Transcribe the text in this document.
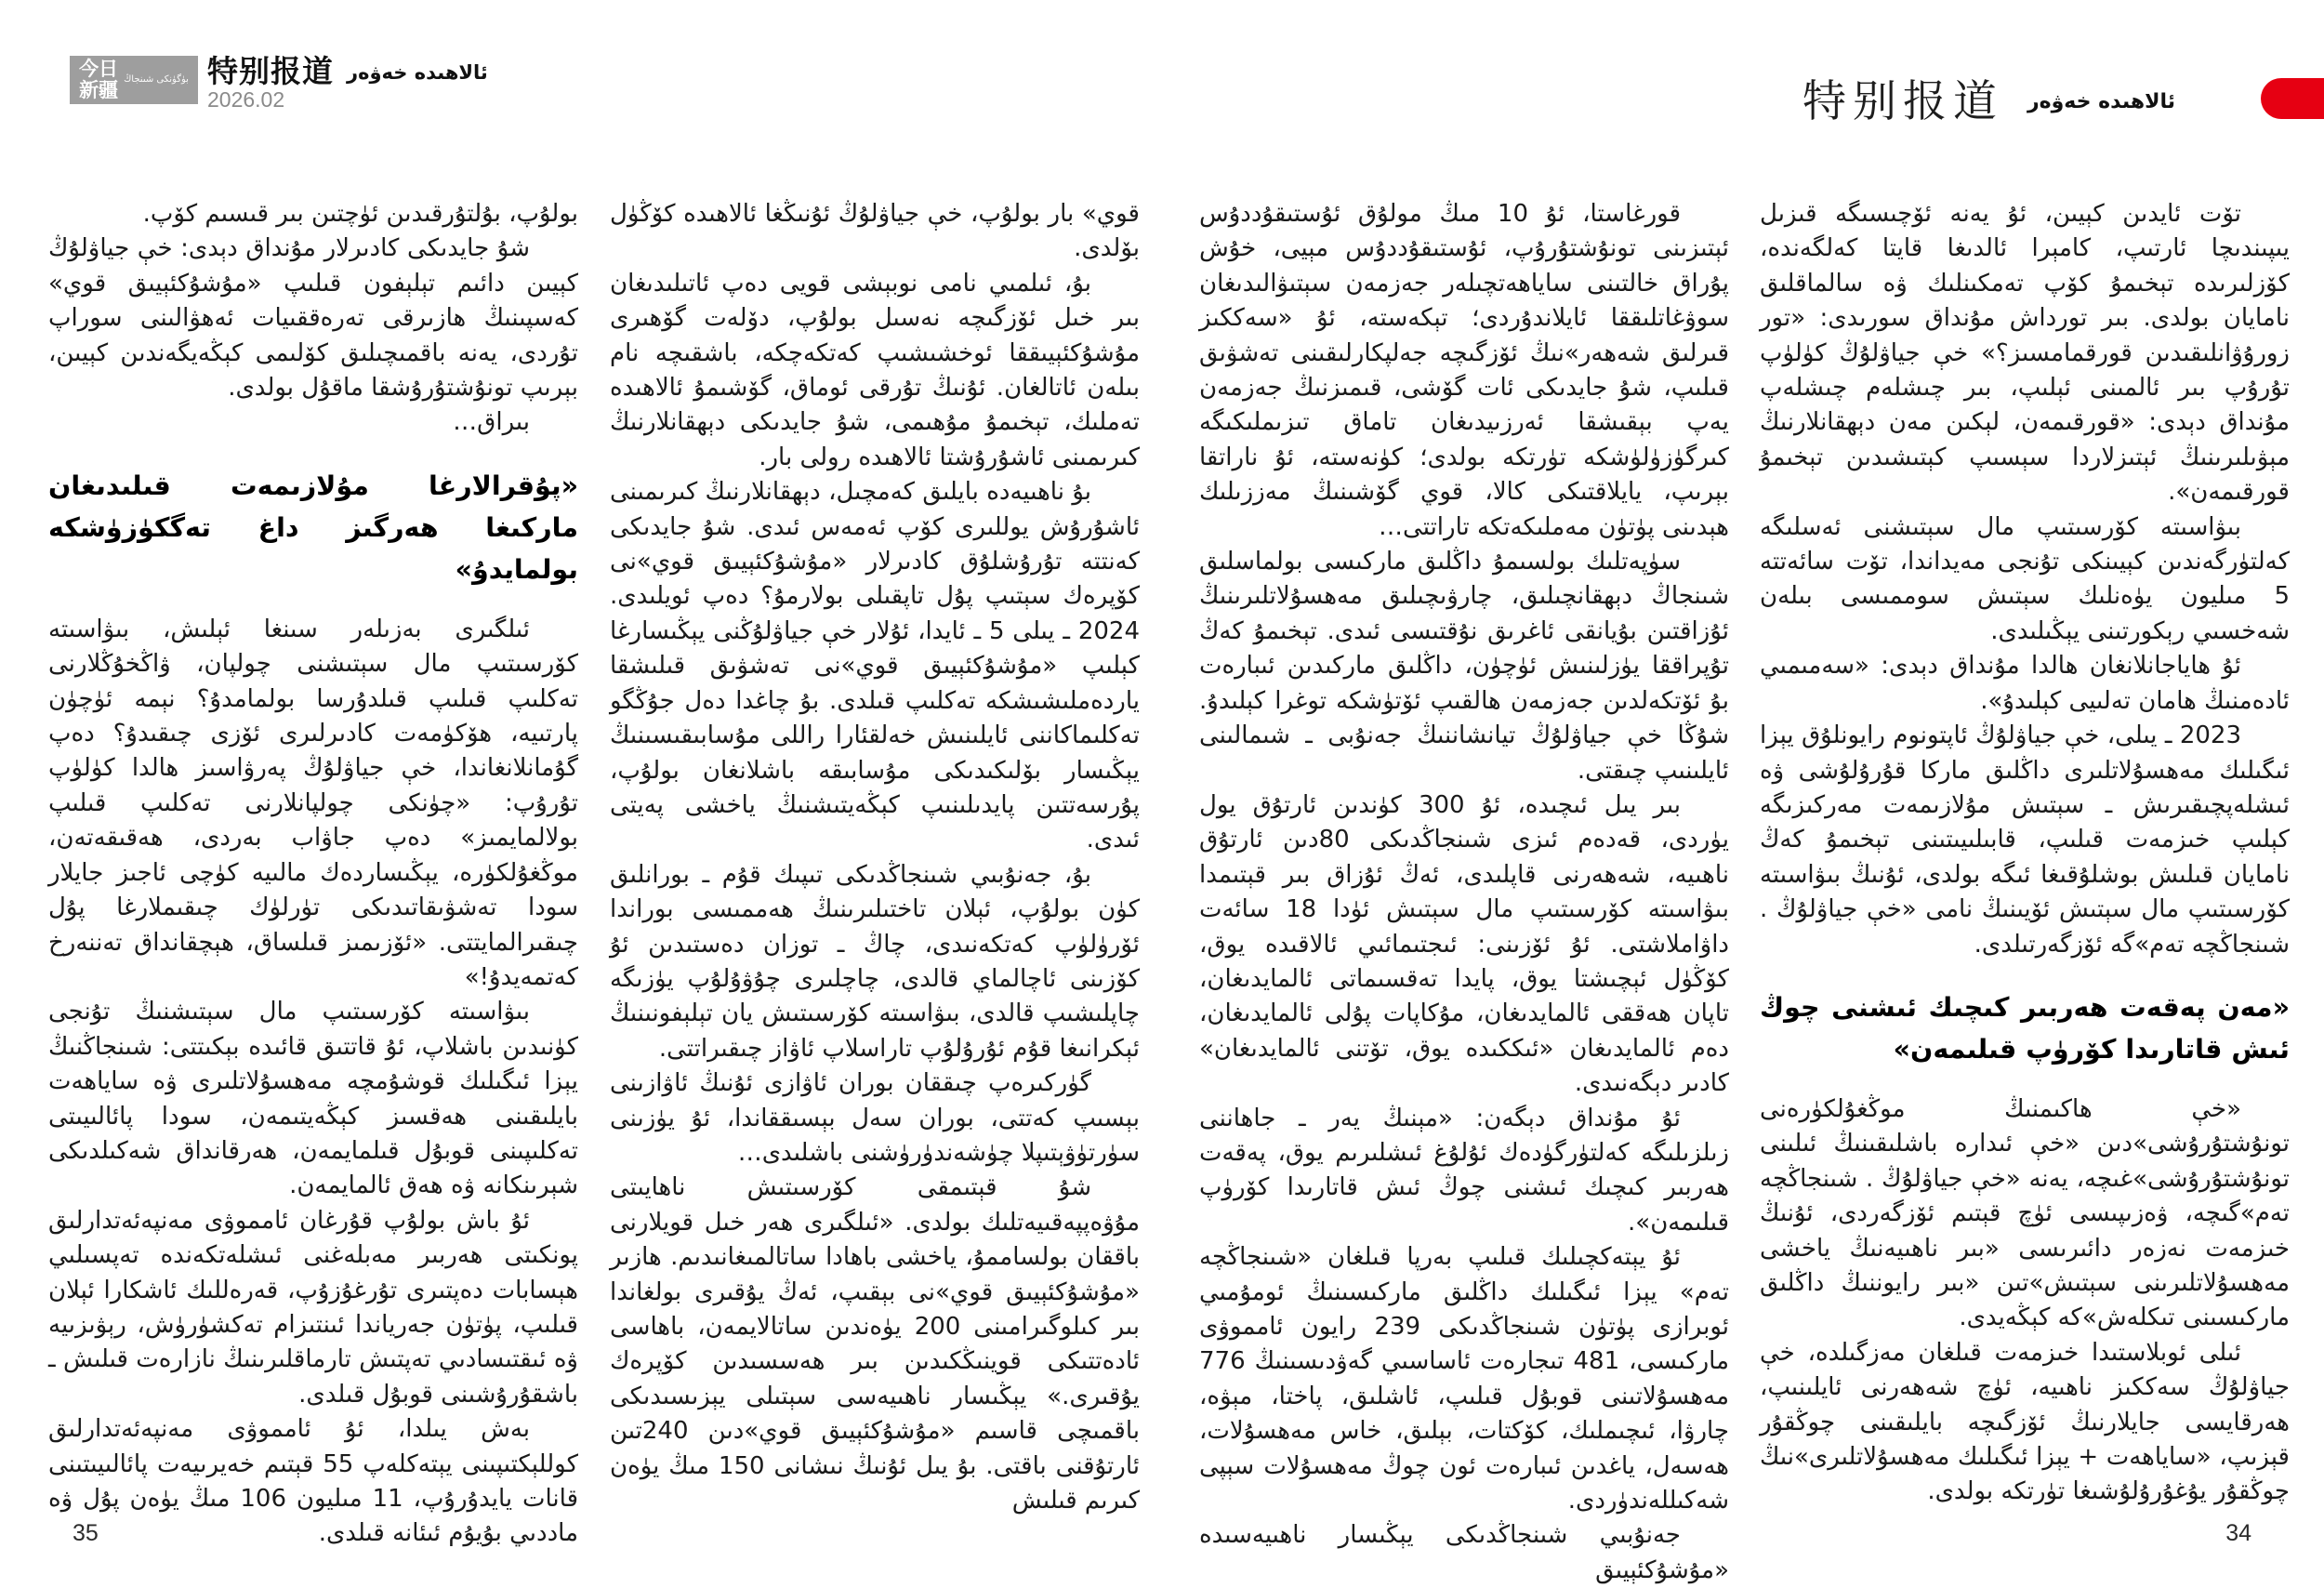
今日
新疆
بۈگۈنكى شىنجاڭ 特别报道
2026.02
ئالاھىدە خەۋەر
特别报道 ئالاھىدە خەۋەر

بولۇپ، بۇلتۇرقىدىن ئۈچتىن بىر قىسىم كۆپ.

شۇ جايدىكى كادىرلار مۇنداق دېدى: خې جياۋلۇڭ كېيىن دائىم تېلېفون قىلىپ «مۇشۇكئېيىق قوي» كەسپىنىڭ ھازىرقى تەرەققىيات ئەھۋالىنى سوراپ تۇردى، يەنە باقمىچىلىق كۆلىمى كېڭەيگەندىن كېيىن، بېرىپ تونۇشتۇرۇشقا ماقۇل بولدى.

بىراق…

«پۇقرالارغا مۇلازىمەت قىلىدىغان ماركىغا ھەرگىز داغ تەگكۈزۈشكە بولمايدۇ»

ئىلگىرى بەزىلەر سىنغا ئېلىش، بىۋاسىتە كۆرسىتىپ مال سېتىشنى چولپان، ۋاڭخۇڭلارنى تەكلىپ قىلىپ قىلدۇرسا بولمامدۇ؟ نېمە ئۈچۈن پارتىيە، ھۆكۈمەت كادىرلىرى ئۆزى چىقىدۇ؟ دەپ گۇمانلانغاندا، خې جياۋلۇڭ پەرۋاسىز ھالدا كۈلۈپ تۇرۇپ: «چۈنكى چولپانلارنى تەكلىپ قىلىپ بولالمايمىز» دەپ جاۋاب بەردى، ھەقىقەتەن، موڭغۇلكۈرە، يېڭىساردەك مالىيە كۈچى ئاجىز جايلار سودا تەشۋىقاتىدىكى تۈرلۈك چىقىملارغا پۇل چىقىرالمايتتى. «ئۆزىمىز قىلساق، ھېچقانداق تەننەرخ كەتمەيدۇ!»

بىۋاسىتە كۆرسىتىپ مال سېتىشنىڭ تۇنجى كۈنىدىن باشلاپ، ئۇ قاتتىق قائىدە بېكىتتى: شىنجاڭنىڭ يېزا ئىگىلىك قوشۇمچە مەھسۇلاتلىرى ۋە ساياھەت بايلىقىنى ھەقسىز كېڭەيتىمەن، سودا پائالىيىتى تەكلىپىنى قوبۇل قىلمايمەن، ھەرقانداق شەكىلدىكى شېرىنكانە ۋە ھەق ئالمايمەن.

ئۇ باش بولۇپ قۇرغان ئامموۋى مەنپەئەتدارلىق پونكىتى ھەربىر مەبلەغنى ئىشلەتكەندە تەپسىلىي ھېسابات دەپتىرى تۇرغۇزۇپ، قەرەللىك ئاشكارا ئېلان قىلىپ، پۈتۈن جەرياندا ئىنتىزام تەكشۈرۈش، رېۋىزىيە ۋە ئىقتىسادىي تەپتىش تارماقلىرىنىڭ نازارەت قىلىش ـ باشقۇرۇشىنى قوبۇل قىلدى.

بەش يىلدا، ئۇ ئامموۋى مەنپەئەتدارلىق كوللېكتىپىنى يېتەكلەپ 55 قېتىم خەيرىيەت پائالىيىتىنى قانات يايدۇرۇپ، 11 مىليون 106 مىڭ يۈەن پۇل ۋە ماددىي بۇيۇم ئىئانە قىلدى.

قوي» بار بولۇپ، خې جياۋلۇڭ ئۇنىڭغا ئالاھىدە كۆڭۈل بۆلدى.

بۇ، ئىلمىي نامى نوبېشى قويى دەپ ئاتىلىدىغان بىر خىل ئۆزگىچە نەسىل بولۇپ، دۆلەت گۆھىرى مۇشۇكئېيىققا ئوخشىشىپ كەتكەچكە، باشقىچە نام بىلەن ئاتالغان. ئۇنىڭ تۇرقى ئوماق، گۆشىمۇ ئالاھىدە تەملىك، تېخىمۇ مۇھىمى، شۇ جايدىكى دېھقانلارنىڭ كىرىمىنى ئاشۇرۇشتا ئالاھىدە رولى بار.

بۇ ناھىيەدە بايلىق كەمچىل، دېھقانلارنىڭ كىرىمىنى ئاشۇرۇش يوللىرى كۆپ ئەمەس ئىدى. شۇ جايدىكى كەنتتە تۇرۇشلۇق كادىرلار «مۇشۇكئېيىق قوي»نى كۆپرەك سېتىپ پۇل تاپقىلى بولارمۇ؟ دەپ ئويلىدى. 2024 ـ يىلى 5 ـ ئايدا، ئۇلار خې جياۋلۇڭنى يېڭىسارغا كېلىپ «مۇشۇكئېيىق قوي»نى تەشۋىق قىلىشقا ياردەملىشىشكە تەكلىپ قىلدى. بۇ چاغدا دەل جۇڭگو تەكلىماكاننى ئايلىنىش خەلقئارا راللى مۇسابىقىسىنىڭ يېڭىسار بۆلىكىدىكى مۇسابىقە باشلانغان بولۇپ، پۇرسەتتىن پايدىلىنىپ كېڭەيتىشنىڭ ياخشى پەيتى ئىدى.

بۇ، جەنۇبىي شىنجاڭدىكى تىپىك قۇم ـ بورانلىق كۈن بولۇپ، ئېلان تاختىلىرىنىڭ ھەممىسى بوراندا ئۆرۈلۈپ كەتكەنىدى، چاڭ ـ توزان دەستىدىن ئۇ كۆزىنى ئاچالماي قالدى، چاچلىرى چۇۋۇلۇپ يۈزىگە چاپلىشىپ قالدى، بىۋاسىتە كۆرسىتىش يان تېلېفونىنىڭ ئېكرانىغا قۇم ئۇرۇلۇپ تاراسلاپ ئاۋاز چىقىراتتى.

گۈركىرەپ چىققان بوران ئاۋازى ئۇنىڭ ئاۋازىنى بېسىپ كەتتى، بوران سەل بېسىققاندا، ئۇ يۈزىنى سۈرتۈۋېتىپلا چۈشەندۈرۈشنى باشلىدى…

شۇ قېتىمقى كۆرسىتىش ناھايىتى مۇۋەپپەقىيەتلىك بولدى. «ئىلگىرى ھەر خىل قويلارنى باققان بولساممۇ، ياخشى باھادا ساتالمىغانىدىم. ھازىر «مۇشۇكئېيىق قوي»نى بېقىپ، ئەڭ يۇقىرى بولغاندا بىر كىلوگىرامىنى 200 يۈەندىن ساتالايمەن، باھاسى ئادەتتىكى قوينىڭكىدىن بىر ھەسسىدىن كۆپرەك يۇقىرى.» يېڭىسار ناھىيەسى سېتىلى يېزىسىدىكى باقمىچى قاسىم «مۇشۇكئېيىق قوي»دىن 240تىن ئارتۇقنى باقتى. بۇ يىل ئۇنىڭ نىشانى 150 مىڭ يۈەن كىرىم قىلىش

قورغاستا، ئۇ 10 مىڭ مولۇق ئۇستىقۇددۇس ئېتىزىنى تونۇشتۇرۇپ، ئۇستىقۇددۇس مېيى، خۇش پۇراق خالتىنى ساياھەتچىلەر جەزمەن سېتىۋالىدىغان سوۋغاتلىققا ئايلاندۇردى؛ تېكەستە، ئۇ «سەككىز قىرلىق شەھەر»نىڭ ئۆزگىچە جەلپكارلىقىنى تەشۋىق قىلىپ، شۇ جايدىكى ئات گۆشى، قىمىزنىڭ جەزمەن يەپ بېقىشقا ئەرزىيدىغان تاماق تىزىملىكىگە كىرگۈزۈلۈشكە تۈرتكە بولدى؛ كۈنەستە، ئۇ ناراتقا بېرىپ، يايلاقتىكى كالا، قوي گۆشىنىڭ مەززىلىك ھېدىنى پۈتۈن مەملىكەتكە تاراتتى…

سۈپەتلىك بولسىمۇ داڭلىق ماركىسى بولماسلىق شىنجاڭ دېھقانچىلىق، چارۋىچىلىق مەھسۇلاتلىرىنىڭ ئۇزاقتىن بۇيانقى ئاغرىق نۇقتىسى ئىدى. تېخىمۇ كەڭ تۇپراققا يۈزلىنىش ئۈچۈن، داڭلىق ماركىدىن ئىبارەت بۇ ئۆتكەلدىن جەزمەن ھالقىپ ئۆتۈشكە توغرا كېلىدۇ. شۇڭا خې جياۋلۇڭ تيانشاننىڭ جەنۇبى ـ شىمالىنى ئايلىنىپ چىقتى.

بىر يىل ئىچىدە، ئۇ 300 كۈندىن ئارتۇق يول يۈردى، قەدەم ئىزى شىنجاڭدىكى 80دىن ئارتۇق ناھىيە، شەھەرنى قاپلىدى، ئەڭ ئۇزاق بىر قېتىمدا بىۋاسىتە كۆرسىتىپ مال سېتىش ئۈدا 18 سائەت داۋاملاشتى. ئۇ ئۆزىنى: ئىجتىمائىي ئالاقىدە يوق، كۆڭۈل ئېچىشتا يوق، پايدا تەقسىماتى ئالمايدىغان، تاپان ھەققى ئالمايدىغان، مۇكاپات پۇلى ئالمايدىغان، دەم ئالمايدىغان «ئىككىدە يوق، تۆتنى ئالمايدىغان» كادىر دېگەنىدى.

ئۇ مۇنداق دېگەن: «مېنىڭ يەر ـ جاھاننى زىلزىلىگە كەلتۈرگۈدەك ئۇلۇغ ئىشلىرىم يوق، پەقەت ھەربىر كىچىك ئىشنى چوڭ ئىش قاتارىدا كۆرۈپ قىلىمەن».

ئۇ يېتەكچىلىك قىلىپ بەرپا قىلغان «شىنجاڭچە تەم» يېزا ئىگىلىك داڭلىق ماركىسىنىڭ ئومۇمىي ئوبرازى پۈتۈن شىنجاڭدىكى 239 رايون ئامموۋى ماركىسى، 481 تىجارەت ئاساسىي گەۋدىسىنىڭ 776 مەھسۇلاتىنى قوبۇل قىلىپ، ئاشلىق، پاختا، مېۋە، چارۋا، ئىچىملىك، كۆكتات، بېلىق، خاس مەھسۇلات، ھەسەل، ياغدىن ئىبارەت ئون چوڭ مەھسۇلات سېپى شەكىللەندۈردى.

جەنۇبىي شىنجاڭدىكى يېڭىسار ناھىيەسىدە «مۇشۇكئېيىق

تۆت ئايدىن كېيىن، ئۇ يەنە ئۆچىسىگە قىزىل يىپىندىچا ئارتىپ، كامېرا ئالدىغا قايتا كەلگەندە، كۆزلىرىدە تېخىمۇ كۆپ تەمكىنلىك ۋە سالماقلىق نامايان بولدى. بىر تورداش مۇنداق سورىدى: «تور زورۇۋانلىقىدىن قورقمامسىز؟» خې جياۋلۇڭ كۈلۈپ تۇرۇپ بىر ئالمىنى ئېلىپ، بىر چىشلەم چىشلەپ مۇنداق دېدى: «قورقىمەن، لېكىن مەن دېھقانلارنىڭ مېۋىلىرىنىڭ ئېتىزلاردا سېسىپ كېتىشىدىن تېخىمۇ قورقىمەن».

بىۋاسىتە كۆرسىتىپ مال سېتىشنى ئەسلىگە كەلتۈرگەندىن كېيىنكى تۇنجى مەيداندا، تۆت سائەتتە 5 مىليون يۈەنلىك سېتىش سوممىسى بىلەن شەخسىي رېكورتىنى يېڭىلىدى.

ئۇ ھاياجانلانغان ھالدا مۇنداق دېدى: «سەمىمىي ئادەمنىڭ ھامان تەلىيى كېلىدۇ».

2023 ـ يىلى، خې جياۋلۇڭ ئاپتونوم رايونلۇق يېزا ئىگىلىك مەھسۇلاتلىرى داڭلىق ماركا قۇرۇلۇشى ۋە ئىشلەپچىقىرىش ـ سېتىش مۇلازىمەت مەركىزىگە كېلىپ خىزمەت قىلىپ، قابىلىيىتىنى تېخىمۇ كەڭ نامايان قىلىش بوشلۇقىغا ئىگە بولدى، ئۇنىڭ بىۋاسىتە كۆرسىتىپ مال سېتىش ئۆيىنىڭ نامى «خې جياۋلۇڭ . شىنجاڭچە تەم»گە ئۆزگەرتىلدى.

«مەن پەقەت ھەربىر كىچىك ئىشنى چوڭ ئىش قاتارىدا كۆرۈپ قىلىمەن»

«خې ھاكىمنىڭ موڭغۇلكۈرەنى تونۇشتۇرۇشى»دىن «خې ئىدارە باشلىقىنىڭ ئىلىنى تونۇشتۇرۇشى»غىچە، يەنە «خې جياۋلۇڭ . شىنجاڭچە تەم»گىچە، ۋەزىپىسى ئۈچ قېتىم ئۆزگەردى، ئۇنىڭ خىزمەت نەزەر دائىرىسى «بىر ناھىيەنىڭ ياخشى مەھسۇلاتلىرىنى سېتىش»تىن «بىر رايوننىڭ داڭلىق ماركىسىنى تىكلەش»كە كېڭەيدى.

ئىلى ئوبلاستىدا خىزمەت قىلغان مەزگىلدە، خې جياۋلۇڭ سەككىز ناھىيە، ئۈچ شەھەرنى ئايلىنىپ، ھەرقايسى جايلارنىڭ ئۆزگىچە بايلىقىنى چوڭقۇر قېزىپ، «ساياھەت + يېزا ئىگىلىك مەھسۇلاتلىرى»نىڭ چوڭقۇر يۇغۇرۇلۇشىغا تۈرتكە بولدى.

35	34
